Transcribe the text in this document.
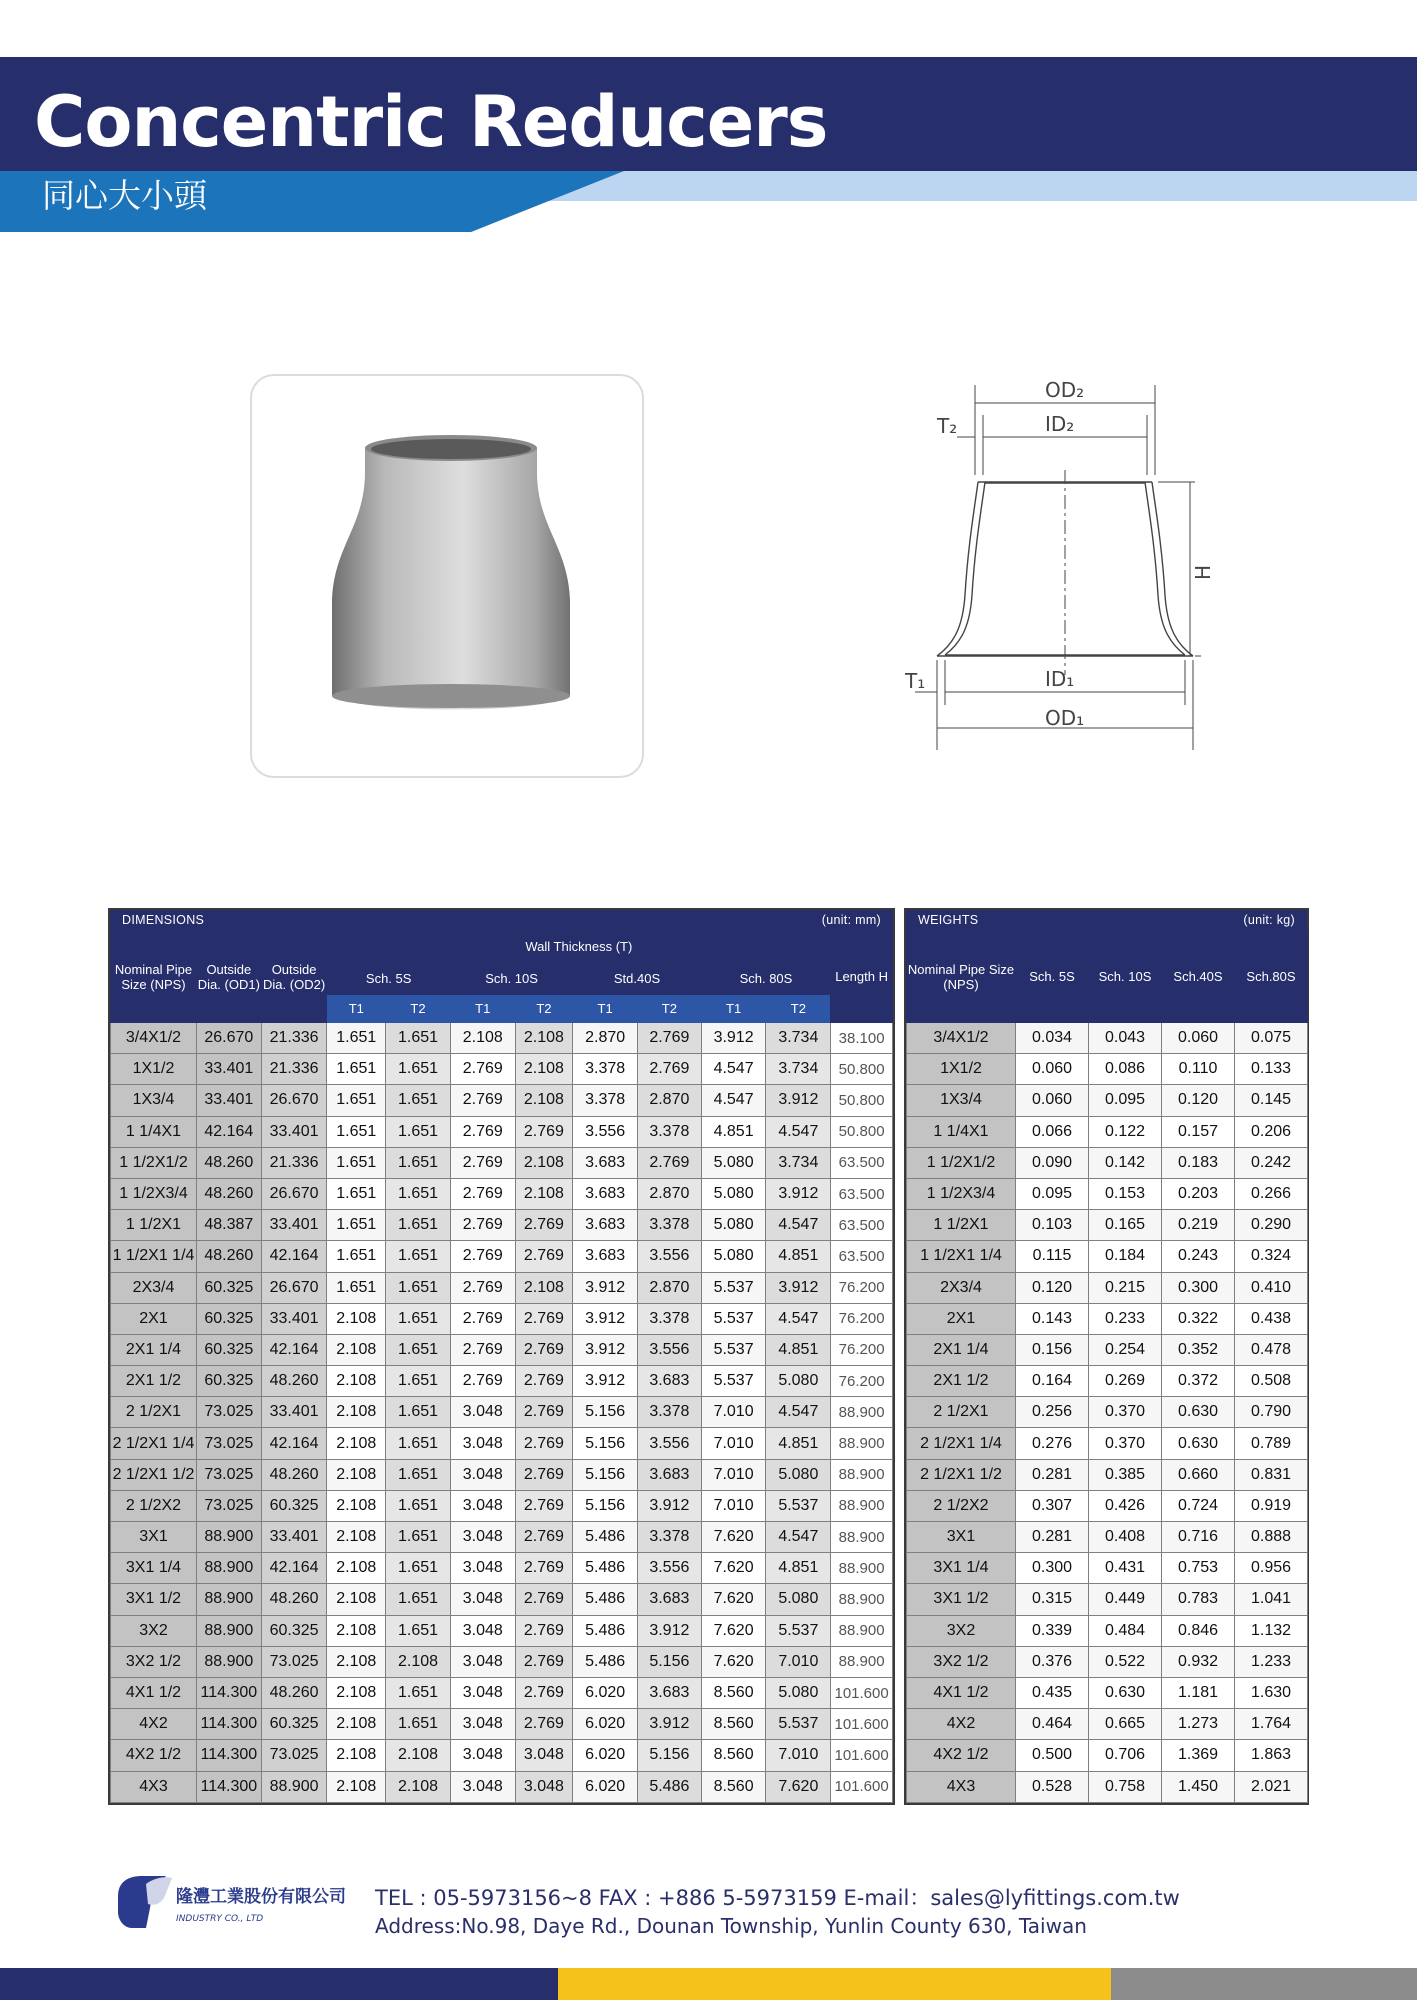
Concentric Reducers
同心大小頭
OD₂
T₂	ID₂
H
T₁	ID₁
OD₁
DIMENSIONS	(unit: mm)
Nominal Pipe Size (NPS)	Outside Dia. (OD1)	Outside Dia. (OD2)	Wall Thickness (T)								Length H
			Sch. 5S		Sch. 10S		Std.40S		Sch. 80S		
			T1	T2	T1	T2	T1	T2	T1	T2	
3/4X1/2	26.670	21.336	1.651	1.651	2.108	2.108	2.870	2.769	3.912	3.734	38.100
1X1/2	33.401	21.336	1.651	1.651	2.769	2.108	3.378	2.769	4.547	3.734	50.800
1X3/4	33.401	26.670	1.651	1.651	2.769	2.108	3.378	2.870	4.547	3.912	50.800
1 1/4X1	42.164	33.401	1.651	1.651	2.769	2.769	3.556	3.378	4.851	4.547	50.800
1 1/2X1/2	48.260	21.336	1.651	1.651	2.769	2.108	3.683	2.769	5.080	3.734	63.500
1 1/2X3/4	48.260	26.670	1.651	1.651	2.769	2.108	3.683	2.870	5.080	3.912	63.500
1 1/2X1	48.387	33.401	1.651	1.651	2.769	2.769	3.683	3.378	5.080	4.547	63.500
1 1/2X1 1/4	48.260	42.164	1.651	1.651	2.769	2.769	3.683	3.556	5.080	4.851	63.500
2X3/4	60.325	26.670	1.651	1.651	2.769	2.108	3.912	2.870	5.537	3.912	76.200
2X1	60.325	33.401	2.108	1.651	2.769	2.769	3.912	3.378	5.537	4.547	76.200
2X1 1/4	60.325	42.164	2.108	1.651	2.769	2.769	3.912	3.556	5.537	4.851	76.200
2X1 1/2	60.325	48.260	2.108	1.651	2.769	2.769	3.912	3.683	5.537	5.080	76.200
2 1/2X1	73.025	33.401	2.108	1.651	3.048	2.769	5.156	3.378	7.010	4.547	88.900
2 1/2X1 1/4	73.025	42.164	2.108	1.651	3.048	2.769	5.156	3.556	7.010	4.851	88.900
2 1/2X1 1/2	73.025	48.260	2.108	1.651	3.048	2.769	5.156	3.683	7.010	5.080	88.900
2 1/2X2	73.025	60.325	2.108	1.651	3.048	2.769	5.156	3.912	7.010	5.537	88.900
3X1	88.900	33.401	2.108	1.651	3.048	2.769	5.486	3.378	7.620	4.547	88.900
3X1 1/4	88.900	42.164	2.108	1.651	3.048	2.769	5.486	3.556	7.620	4.851	88.900
3X1 1/2	88.900	48.260	2.108	1.651	3.048	2.769	5.486	3.683	7.620	5.080	88.900
3X2	88.900	60.325	2.108	1.651	3.048	2.769	5.486	3.912	7.620	5.537	88.900
3X2 1/2	88.900	73.025	2.108	2.108	3.048	2.769	5.486	5.156	7.620	7.010	88.900
4X1 1/2	114.300	48.260	2.108	1.651	3.048	2.769	6.020	3.683	8.560	5.080	101.600
4X2	114.300	60.325	2.108	1.651	3.048	2.769	6.020	3.912	8.560	5.537	101.600
4X2 1/2	114.300	73.025	2.108	2.108	3.048	3.048	6.020	5.156	8.560	7.010	101.600
4X3	114.300	88.900	2.108	2.108	3.048	3.048	6.020	5.486	8.560	7.620	101.600
WEIGHTS	(unit: kg)
Nominal Pipe Size (NPS)	Sch. 5S	Sch. 10S	Sch.40S	Sch.80S
3/4X1/2	0.034	0.043	0.060	0.075
1X1/2	0.060	0.086	0.110	0.133
1X3/4	0.060	0.095	0.120	0.145
1 1/4X1	0.066	0.122	0.157	0.206
1 1/2X1/2	0.090	0.142	0.183	0.242
1 1/2X3/4	0.095	0.153	0.203	0.266
1 1/2X1	0.103	0.165	0.219	0.290
1 1/2X1 1/4	0.115	0.184	0.243	0.324
2X3/4	0.120	0.215	0.300	0.410
2X1	0.143	0.233	0.322	0.438
2X1 1/4	0.156	0.254	0.352	0.478
2X1 1/2	0.164	0.269	0.372	0.508
2 1/2X1	0.256	0.370	0.630	0.790
2 1/2X1 1/4	0.276	0.370	0.630	0.789
2 1/2X1 1/2	0.281	0.385	0.660	0.831
2 1/2X2	0.307	0.426	0.724	0.919
3X1	0.281	0.408	0.716	0.888
3X1 1/4	0.300	0.431	0.753	0.956
3X1 1/2	0.315	0.449	0.783	1.041
3X2	0.339	0.484	0.846	1.132
3X2 1/2	0.376	0.522	0.932	1.233
4X1 1/2	0.435	0.630	1.181	1.630
4X2	0.464	0.665	1.273	1.764
4X2 1/2	0.500	0.706	1.369	1.863
4X3	0.528	0.758	1.450	2.021
隆灃工業股份有限公司
INDUSTRY CO., LTD
TEL : 05-5973156~8 FAX : +886 5-5973159 E-mail：sales@lyfittings.com.tw
Address:No.98, Daye Rd., Dounan Township, Yunlin County 630, Taiwan
